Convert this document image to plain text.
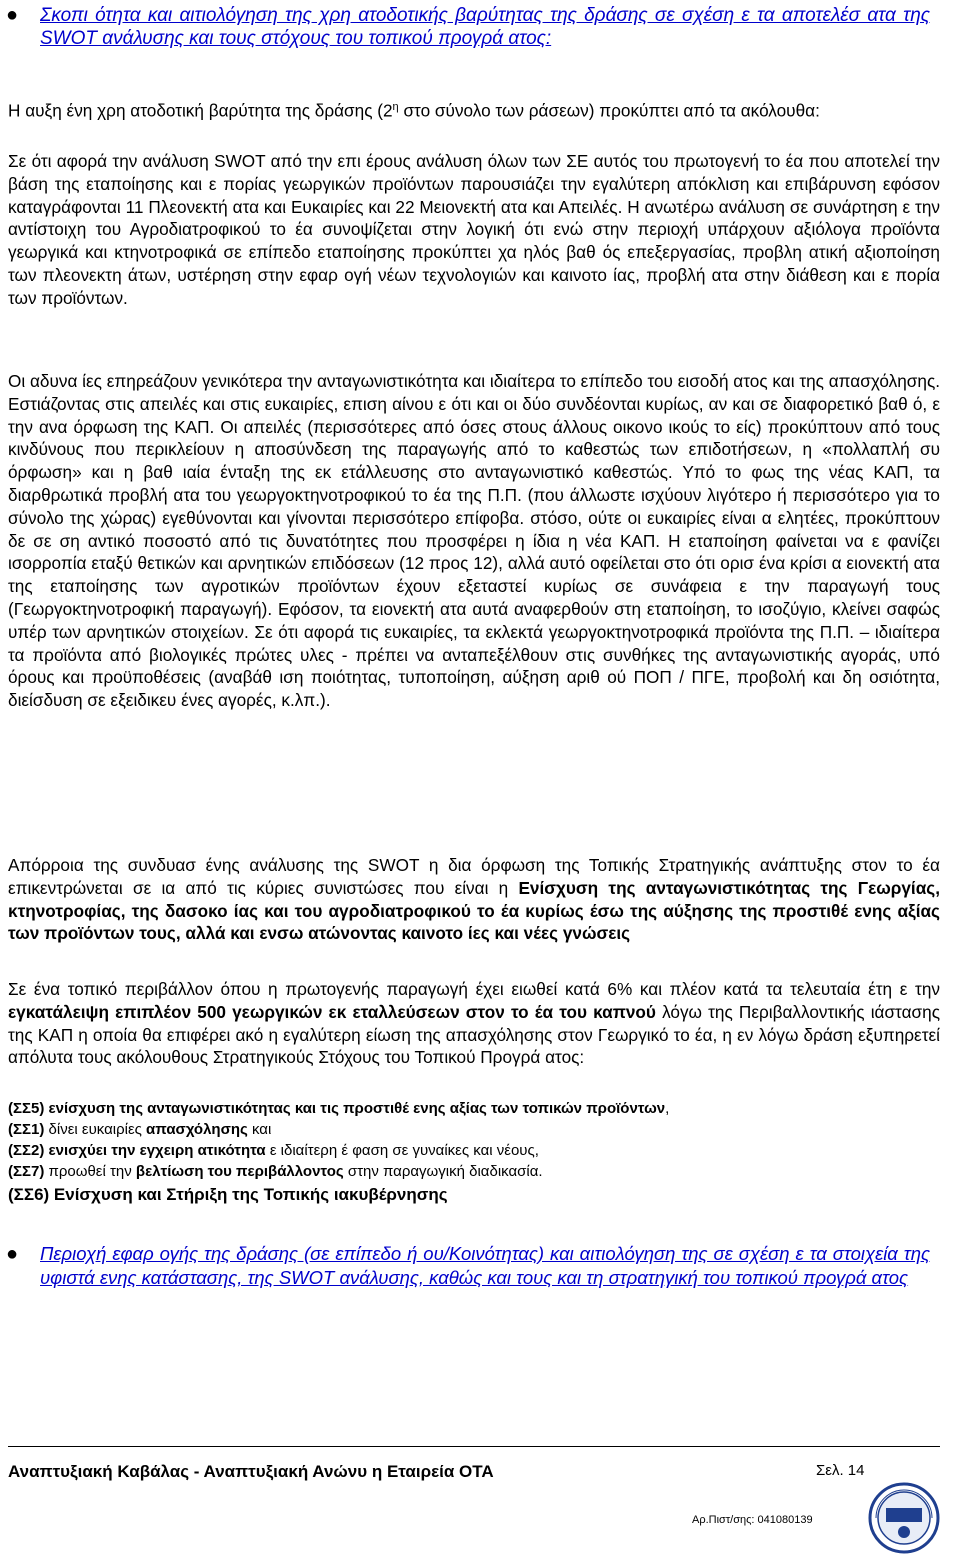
● Σκοπι ότητα και αιτιολόγηση της χρη ατοδοτικής βαρύτητας της δράσης σε σχέση ε τα αποτελέσ ατα της SWOT ανάλυσης και τους στόχους του τοπικού προγρά ατος:
Η αυξη ένη χρη ατοδοτική βαρύτητα της δράσης ($2^\eta$ στο σύνολο των ράσεων) προκύπτει από τα ακόλουθα:
Σε ότι αφορά την ανάλυση SWOT από την επι έρους ανάλυση όλων των ΣΕ αυτός του πρωτογενή το έα που αποτελεί την βάση της εταποίησης και ε πορίας γεωργικών προϊόντων παρουσιάζει την εγαλύτερη απόκλιση και επιβάρυνση εφόσον καταγράφονται 11 Πλεονεκτή ατα και Ευκαιρίες και 22 Μειονεκτή ατα και Απειλές. Η ανωτέρω ανάλυση σε συνάρτηση ε την αντίστοιχη του Αγροδιατροφικού το έα συνοψίζεται στην λογική ότι ενώ στην περιοχή υπάρχουν αξιόλογα προϊόντα γεωργικά και κτηνοτροφικά σε επίπεδο εταποίησης προκύπτει χα ηλός βαθ ός επεξεργασίας, προβλη ατική αξιοποίηση των πλεονεκτη άτων, υστέρηση στην εφαρ ογή νέων τεχνολογιών και καινοτο ίας, προβλή ατα στην διάθεση και ε πορία των προϊόντων.
Οι αδυνα ίες επηρεάζουν γενικότερα την ανταγωνιστικότητα και ιδιαίτερα το επίπεδο του εισοδή ατος και της απασχόλησης. Εστιάζοντας στις απειλές και στις ευκαιρίες, επιση αίνου ε ότι και οι δύο συνδέονται κυρίως, αν και σε διαφορετικό βαθ ό, ε την ανα όρφωση της ΚΑΠ. Οι απειλές (περισσότερες από όσες στους άλλους οικονο ικούς το είς) προκύπτουν από τους κινδύνους που περικλείουν η αποσύνδεση της παραγωγής από το καθεστώς των επιδοτήσεων, η «πολλαπλή συ όρφωση» και η βαθ ιαία ένταξη της εκ ετάλλευσης στο ανταγωνιστικό καθεστώς. Υπό το φως της νέας ΚΑΠ, τα διαρθρωτικά προβλή ατα του γεωργοκτηνοτροφικού το έα της Π.Π. (που άλλωστε ισχύουν λιγότερο ή περισσότερο για το σύνολο της χώρας) εγεθύνονται και γίνονται περισσότερο επίφοβα. στόσο, ούτε οι ευκαιρίες είναι α ελητέες, προκύπτουν δε σε ση αντικό ποσοστό από τις δυνατότητες που προσφέρει η ίδια η νέα ΚΑΠ. Η εταποίηση φαίνεται να ε φανίζει ισορροπία εταξύ θετικών και αρνητικών επιδόσεων (12 προς 12), αλλά αυτό οφείλεται στο ότι ορισ ένα κρίσι α ειονεκτή ατα της εταποίησης των αγροτικών προϊόντων έχουν εξεταστεί κυρίως σε συνάφεια ε την παραγωγή τους (Γεωργοκτηνοτροφική παραγωγή). Εφόσον, τα ειονεκτή ατα αυτά αναφερθούν στη εταποίηση, το ισοζύγιο, κλείνει σαφώς υπέρ των αρνητικών στοιχείων. Σε ότι αφορά τις ευκαιρίες, τα εκλεκτά γεωργοκτηνοτροφικά προϊόντα της Π.Π. – ιδιαίτερα τα προϊόντα από βιολογικές πρώτες υλες - πρέπει να ανταπεξέλθουν στις συνθήκες της ανταγωνιστικής αγοράς, υπό όρους και προϋποθέσεις (αναβάθ ιση ποιότητας, τυποποίηση, αύξηση αριθ ού ΠΟΠ / ΠΓΕ, προβολή και δη οσιότητα, διείσδυση σε εξειδικευ ένες αγορές, κ.λπ.).
Απόρροια της συνδυασ ένης ανάλυσης της SWOT η δια όρφωση της Τοπικής Στρατηγικής ανάπτυξης στον το έα επικεντρώνεται σε ια από τις κύριες συνιστώσες που είναι η Ενίσχυση της ανταγωνιστικότητας της Γεωργίας, κτηνοτροφίας, της δασοκο ίας και του αγροδιατροφικού το έα κυρίως έσω της αύξησης της προστιθέ ενης αξίας των προϊόντων τους, αλλά και ενσω ατώνοντας καινοτο ίες και νέες γνώσεις
Σε ένα τοπικό περιβάλλον όπου η πρωτογενής παραγωγή έχει ειωθεί κατά 6% και πλέον κατά τα τελευταία έτη ε την εγκατάλειψη επιπλέον 500 γεωργικών εκ εταλλεύσεων στον το έα του καπνού λόγω της Περιβαλλοντικής ιάστασης της ΚΑΠ η οποία θα επιφέρει ακό η εγαλύτερη είωση της απασχόλησης στον Γεωργικό το έα, η εν λόγω δράση εξυπηρετεί απόλυτα τους ακόλουθους Στρατηγικούς Στόχους του Τοπικού Προγρά ατος:
(ΣΣ5) ενίσχυση της ανταγωνιστικότητας και τις προστιθέ ενης αξίας των τοπικών προϊόντων,
(ΣΣ1) δίνει ευκαιρίες απασχόλησης και
(ΣΣ2) ενισχύει την εγχειρη ατικότητα ε ιδιαίτερη έ φαση σε γυναίκες και νέους,
(ΣΣ7) προωθεί την βελτίωση του περιβάλλοντος στην παραγωγική διαδικασία.
(ΣΣ6) Ενίσχυση και Στήριξη της Τοπικής ιακυβέρνησης
● Περιοχή εφαρ ογής της δράσης (σε επίπεδο ή ου/Κοινότητας) και αιτιολόγηση της σε σχέση ε τα στοιχεία της υφιστά ενης κατάστασης, της SWOT ανάλυσης, καθώς και τους και τη στρατηγική του τοπικού προγρά ατος
Αναπτυξιακή Καβάλας - Αναπτυξιακή Ανώνυ η Εταιρεία ΟΤΑ	Σελ. 14
Αρ.Πιστ/σης: 041080139
